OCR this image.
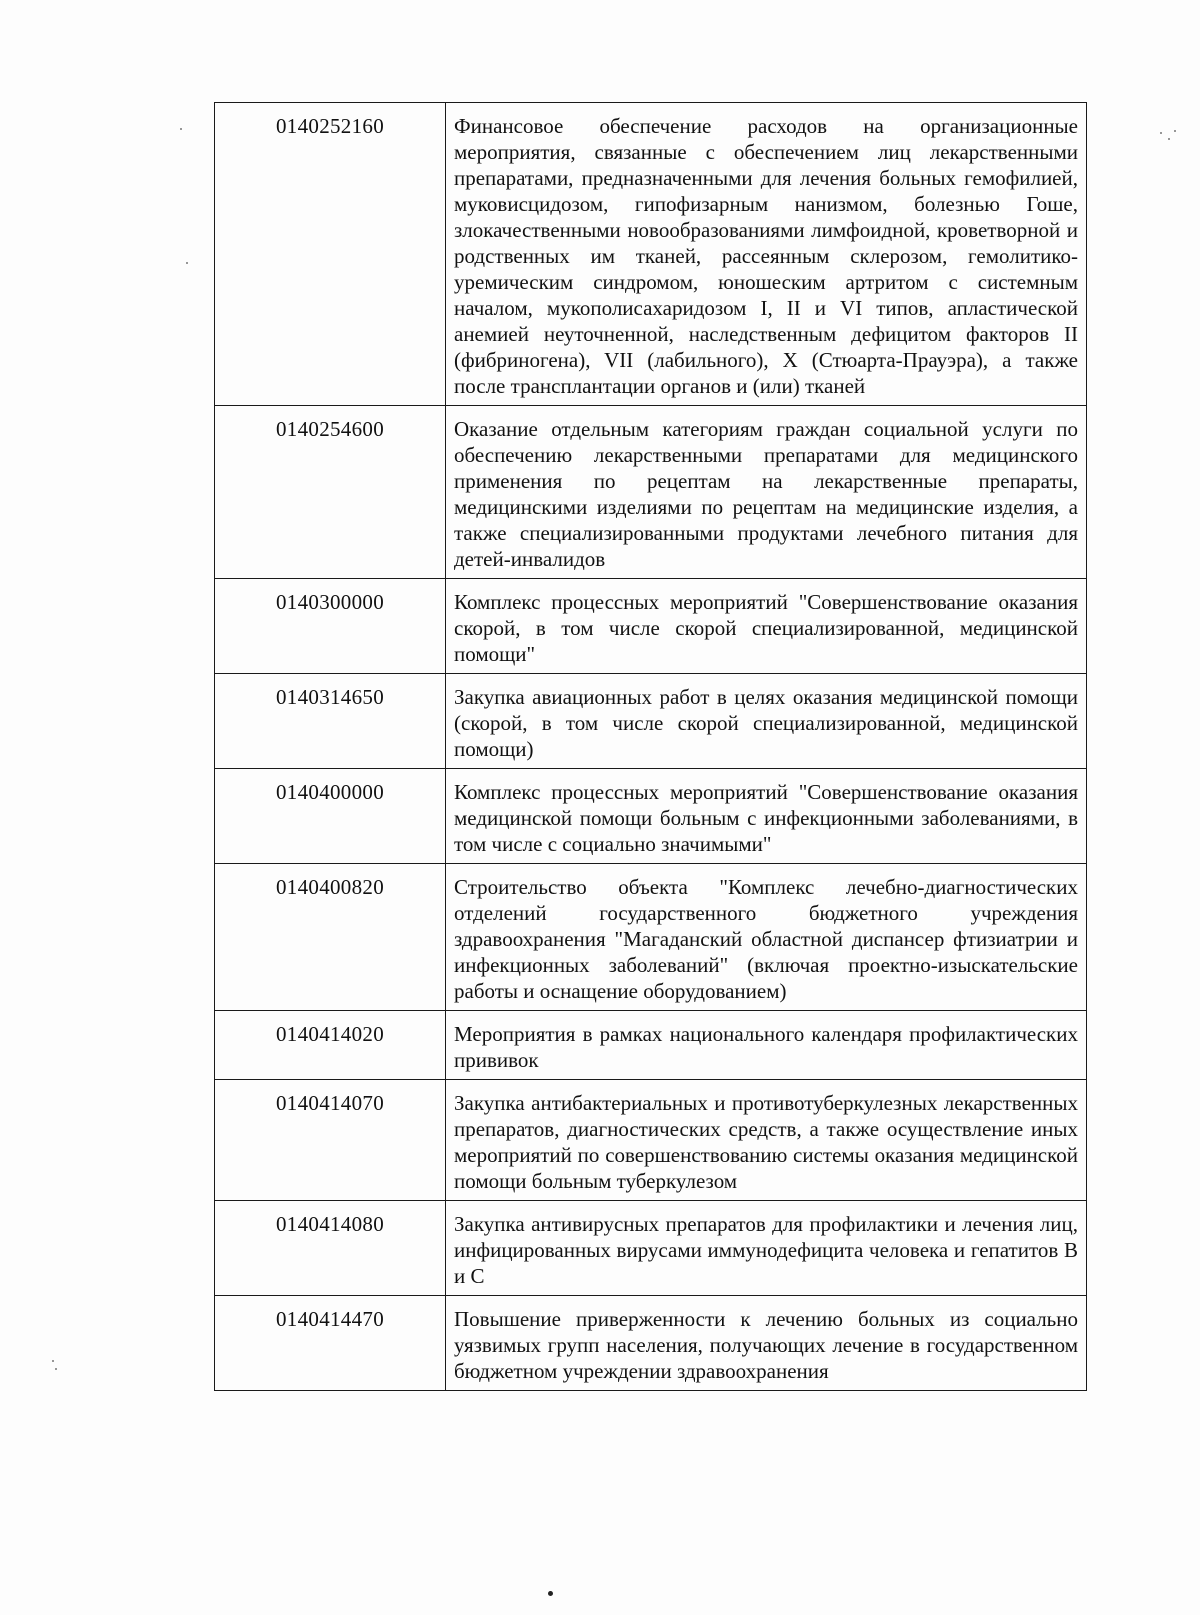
0140252160	Финансовое обеспечение расходов на организационные мероприятия, связанные с обеспечением лиц лекарственными препаратами, предназначенными для лечения больных гемофилией, муковисцидозом, гипофизарным нанизмом, болезнью Гоше, злокачественными новообразованиями лимфоидной, кроветворной и родственных им тканей, рассеянным склерозом, гемолитико-уремическим синдромом, юношеским артритом с системным началом, мукополисахаридозом I, II и VI типов, апластической анемией неуточненной, наследственным дефицитом факторов II (фибриногена), VII (лабильного), X (Стюарта-Прауэра), а также после трансплантации органов и (или) тканей
0140254600	Оказание отдельным категориям граждан социальной услуги по обеспечению лекарственными препаратами для медицинского применения по рецептам на лекарственные препараты, медицинскими изделиями по рецептам на медицинские изделия, а также специализированными продуктами лечебного питания для детей-инвалидов
0140300000	Комплекс процессных мероприятий "Совершенствование оказания скорой, в том числе скорой специализированной, медицинской помощи"
0140314650	Закупка авиационных работ в целях оказания медицинской помощи (скорой, в том числе скорой специализированной, медицинской помощи)
0140400000	Комплекс процессных мероприятий "Совершенствование оказания медицинской помощи больным с инфекционными заболеваниями, в том числе с социально значимыми"
0140400820	Строительство объекта "Комплекс лечебно-диагностических отделений государственного бюджетного учреждения здравоохранения "Магаданский областной диспансер фтизиатрии и инфекционных заболеваний" (включая проектно-изыскательские работы и оснащение оборудованием)
0140414020	Мероприятия в рамках национального календаря профилактических прививок
0140414070	Закупка антибактериальных и противотуберкулезных лекарственных препаратов, диагностических средств, а также осуществление иных мероприятий по совершенствованию системы оказания медицинской помощи больным туберкулезом
0140414080	Закупка антивирусных препаратов для профилактики и лечения лиц, инфицированных вирусами иммунодефицита человека и гепатитов B и C
0140414470	Повышение приверженности к лечению больных из социально уязвимых групп населения, получающих лечение в государственном бюджетном учреждении здравоохранения
